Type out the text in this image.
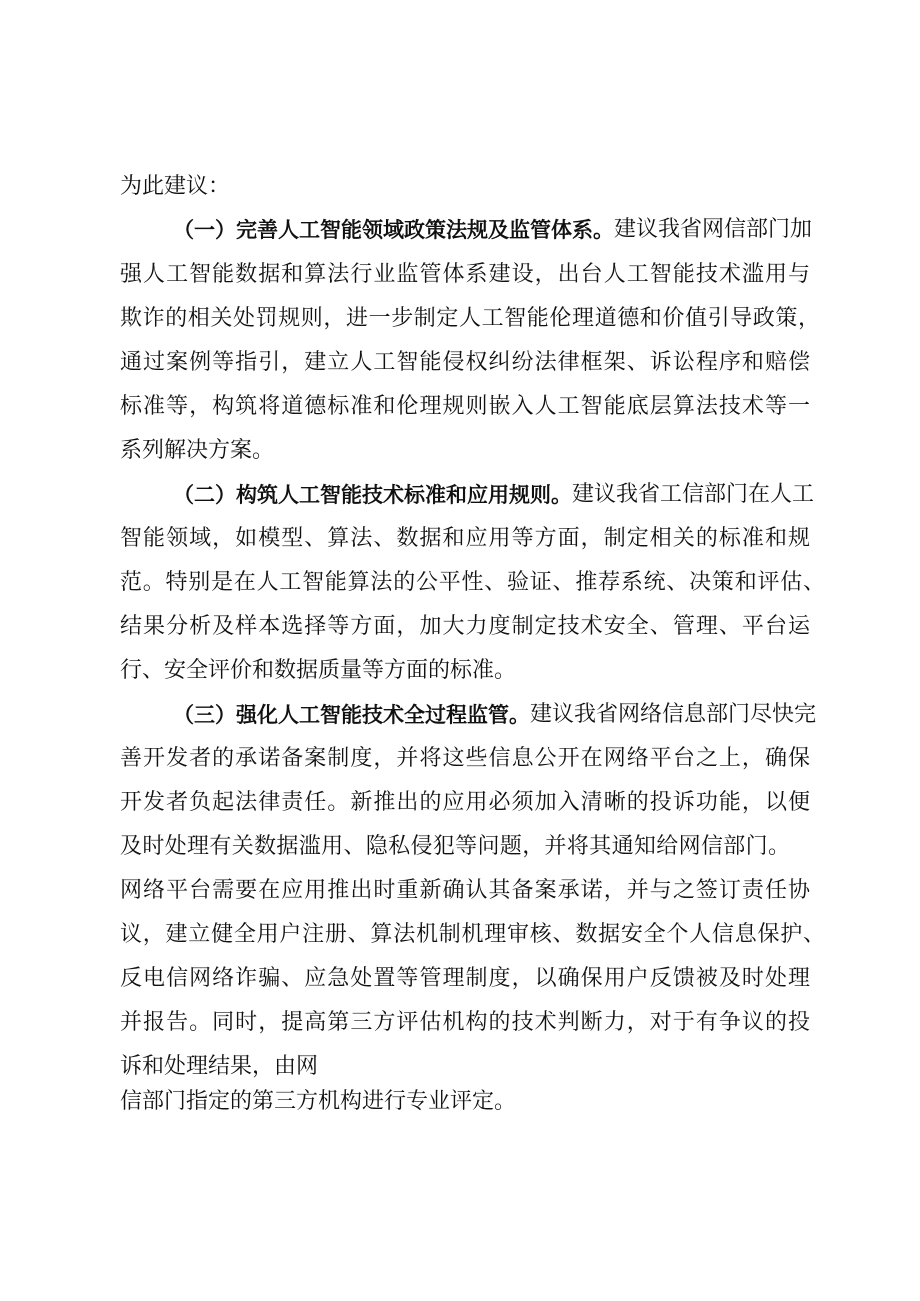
为此建议：
（一）完善人工智能领域政策法规及监管体系。 建议我省网信部门加
强人工智能数据和算法行业监管体系建设，出台人工智能技术滥用与
欺诈的相关处罚规则，进一步制定人工智能伦理道德和价值引导政策，
通过案例等指引，建立人工智能侵权纠纷法律框架、诉讼程序和赔偿
标准等，构筑将道德标准和伦理规则嵌入人工智能底层算法技术等一
系列解决方案。
（二）构筑人工智能技术标准和应用规则。 建议我省工信部门在人工
智能领域，如模型、算法、数据和应用等方面，制定相关的标准和规
范。特别是在人工智能算法的公平性、验证、推荐系统、决策和评估、
结果分析及样本选择等方面，加大力度制定技术安全、管理、平台运
行、安全评价和数据质量等方面的标准。
（三）强化人工智能技术全过程监管。 建议我省网络信息部门尽快完
善开发者的承诺备案制度，并将这些信息公开在网络平台之上，确保
开发者负起法律责任。新推出的应用必须加入清晰的投诉功能，以便
及时处理有关数据滥用、隐私侵犯等问题，并将其通知给网信部门。
网络平台需要在应用推出时重新确认其备案承诺，并与之签订责任协
议，建立健全用户注册、算法机制机理审核、数据安全个人信息保护、
反电信网络诈骗、应急处置等管理制度，以确保用户反馈被及时处理
并报告。同时，提高第三方评估机构的技术判断力，对于有争议的投
诉和处理结果，由网
信部门指定的第三方机构进行专业评定。
